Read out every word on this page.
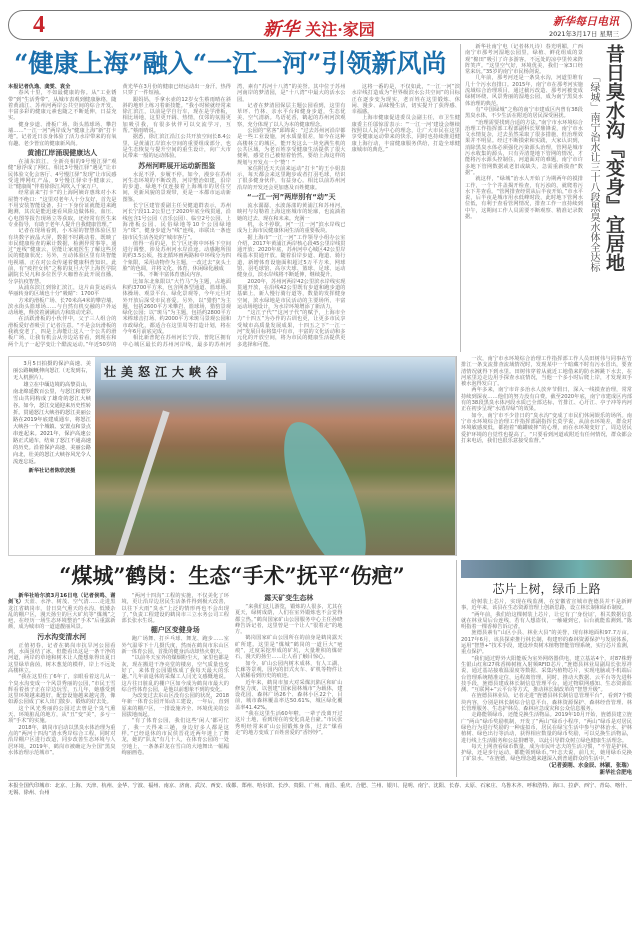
4	新华 关注·家园	新华每日电讯
2021年3月17日 星期三
“健康上海”融入“一江一河”引领新风尚

本报记者仇逸、龚雯、袁全

春风十里，不如最健康的你。从“工业锈带”到“生活秀带”，从城市表观到健康脉络，随着黄浦江、苏州河两岸公共空间的综合开发，丰富多彩的健康元素也随之不断延伸，日益充实。

健身步道、滑板广场、街头篮球场、攀岩墙……“一江一河”两岸成为“健康上海”新“打卡地”。记者近日亲身体验了活力水岸带来的有氧有趣、老少皆宜的健康新风尚。

黄浦江岸涌现健康达人

在浦东滨江，全新亮相的9号慢江驿“观健”悬浮成了网红。相比3号慢江驿“遇见”让市民体验文化会客厅、4号慢江驿“发现”让市民感受进博网红产品，9号慢江驿牵手健康云，让“健康阁”伴着徐徐江风吹入千家万户。

经常前来“打卡”的上海阿姨许惠珠对小木屋赞不绝口：“这里对老年人十分友好，首先是不用安装智能设备，扫一下身份证就能进来跑跑测，其次是能迅速看风险边做体检，血压、心电图等报告现场立等获取，还经常有医生来专业指导，有助于老年人提升自我健康管理。”

记者在现场看到，小木屋的智慧体验区里有块数字液晶大屏，数据不时跳动着，既映了市民健康检查的累计数据，检测异常事等。通过“连线”健康云，居能让家庭医生了解这些居民的健康状况；另外，互动体验区里有块智能电视墙，正在对公众传递着健康科普知识。此前，有“疫控女侠”之称的复旦大学上海医学院副院长吴凡和多位医学大咖曾在此开展直播，分享抗疫智慧。

从浦东滨江到徐汇滨江，这片由货运码头华丽转身的区域也十分“吸睛”：1700平

方米的滑板广场、长70米高4米的攀岩墙、滨水街头篮球场……与自然有机交融的户外运动场地，释放着满满活力和韵动光彩。

在活跃滑板的小伙伴中，父子三人组合的滑板爱好者吸引了记者注意。“不是会玩滑板的我就变老了，四是上海能让这人一个公共的滑板广场，让我有机会从旁边站着看，到现在和两个儿子一起学变让个酷流运动。”年近50岁的黄光华在3月份的健康已经运动出一身汗，热得只穿了一件短袖。

跟妈妈，手拿水壶的12岁女生蔡雨晴在斜斜的地形上练习着新技能。“我小时候就经常来徐汇滨江，以前是学自行车，现在是学滑板，相比场地，这里更开阔、热情，仅邻的氛围更加吸引我，有很多伙伴可以交流学习，互帮。”蔡雨晴说。

据悉，徐汇滨江沿江公共开放空间长8.4公里，是黄浦江岸滨水空间的重要组成部分，也是生态恢复与提升空间的重生设计，向广大市民带来一般的运动体验。

苏州河畔展开运动新图鉴

水泥不浮，步履不停。如今，漫步在苏州河生态环境的不断改善，河岸整治如建，沿岸的步道、绿地不仅连接着上海城市的居住空间，更新风貌的景观带，更是一本都市运动新图鉴。

长宁区建管委副主任吴健道群表示，苏州河长宁段11.2公里已于2020年底全线贯通，沿线包含1号公园（音乐公园）、临空2号公园、上海滑板公园、民俗绿地等10个公园绿地为“珠”，健身步道为“线”连线，串联出一条连接市民生活各处的“城市客厅”。

值得一看的是，长宁区还将中环桥下空间进行调整，涉及苏州河水岸沿途。动感跑所围的约3.5公顷，按北循环画两路和中环线分为四个象限，采用动物作为主题，一改过去“灰头土脸”的色调，并将文化、体育、休闲绿化融成

一体，不断丰富体育惠民内容。

比如东北象限以“大竹马”为主题，占地面积约3700平方米，包含网条型通道、篮球场、体操场、观景平台、绿化景观等，今年元旦对外开放后深受市民喜爱。另外，以“猎豹”为主题，包括2600平方米攀岩、篮球场，猎豹景观绿化公园；以“斑马”为主题，包括约2800平方米棒球击打场、约2000平方米斑马景观公园和市政绿化，都适合在这里周等打造计划，将在今年6月前底完成。

相比新普陀在苏州河长宁段，普陀区拥有中心城区最长的苏州河岸线，最多的苏州河湾，素有“苏河十八湾”的美誉。其中位于苏州河南岸的梦清园，是“十八湾”中最大的活水公园。

记者在梦清园保层主题公园看到，这里有草坪、竹林、亲水平台和健身步道，生态优美、空气清新。鸟语花香，鹤起的苏州河滨观察，充分体现了以人为本的健康理念。

公园的“常客”邱锦说：“过去苏州河沿岸都是一些工业设施，河水质量很差，如今在这种高楼林立的城区，能开发这么一块充满生机的公共区域，为老百姓享受健康生活提供了很大便利，感觉自己被惦着怡然，要给上海这样的规划与开发点一个‘赞’！”

家住附近天天前来运动“打卡”的王小姐表示，每天都会来这里跑步或者打羽毛球，结识了很多健身伙伴，有益身心。相比以前苏州河沿岸的开发还会更加惠及百姓健康。

“一江一河”两岸别有“动”天

流水潺潺，水波荡漾的黄浦江和苏州河，映衬与勾勒着上海这座城市的轮廓，也流淌着她的过去、现在和未来。充满一

机，永不停歇。河“一江一河”滨水岸线已成为上海市民健康休闲生活的重要板块。

据上海市“一江一河”工作领导小组办公室介绍，2017年黄浦江两岸核心段45公里岸线贯通开放；2020年底，苏州河中心城区42公里岸线基本贯通开放。随着沿岸步道、跑道、骑行道，新增体育设施面积超过5万平方米，网球馆、羽毛球馆、高尔夫球、篮球、足球、运动健身点，滨水岸线将不断延伸，继续提升。

2020年，苏州河两岸42公里滨水岸线实现贯通开放，在沿线42公里既有步道和跑步道的基础上，新人慢行骑行道等，数量的发挥健身空间，滨水绿地是市民活动的主要场所，丰富运动场地设计，为水岸环境增添了新活力。

“这江子代”“这河子代”的赋予，上海市全力“十四五”为办作的古训也更，让更多市民享受城市高质量发展成果，十四五之下“一江一河”发展目标将集中有市，丰富的文化活动和多元化的开放空间，将为市民的健康生活提供更多选择和可能。

这将一番的是，不仅如此，“一江一河”滨水岸线打造成为“世界级滨水公共空间”的目标正在逐步变为现实，老百姓在这里锻炼、休闲、漫步、品味慢生活，切实提升了获得感、幸福感。

上海市健康促进委员会副主任，市卫生健康委主任邬惊雷表示：“‘一江一河’建设会继续按照以人民为中心的理念，让广大市民在这里享受健康运动带来的快乐，同时也持续推进健康上海行动，丰富健康服务供给，打造全球健康城市的典范。”

新华社南宁电（记者林凡诗）春光明媚，广西南宁市那考河湿地公园里，绿植、鲜花组成的景观“棉田”吸引了许多游客。不远处的凉亭里传来阵阵笑声。“这里空气好，环境优美，我们一家3口经常来玩。”35岁的南宁市民杨剑说。

几年前，那考河还是一条臭水沟，河道里堆有几十个污水直排口。2015年，南宁市在那考河实施流域综合治理项目，通过截污改造、那考河被变成绿树环绕、风景秀丽的湿地公园，成为南宁黑臭水体治理的典范。

有“中国绿城”之称的南宁市建成区内曾有38段黑臭水体，不少生活在附近的居民深受困扰。

“治理需要找到合适的方法。”南宁市水环境综合治理工作指挥部工程部副科长覃鼎锋说，南宁市水文水情复杂，过去虽然采取了很多措施，但治理效果并不明显。经过不断摸索和实践，大家认识到，消除黑臭水体必须强化污染源头治理，管网是城市污水收集的源头，只有弄清楚地下管网的情况，才能将污水源头控制住，河道面对的难题，南宁市许多地下管网数据或老旧或缺失，急需重新摸查“数据”。

就这样，“绿城”治水人开始了为期两年的摸排工作，一个个井盖揭开检查，有污浊的，就爬着污水下井查看。“管网排查经常从后半夜开始，”市水平说，后半夜是城市用水低峰时段，此时地下管网水位低，有利于查看管网情况，排查工作一直持续到中午，这期间工作人员需要不断观察、精准记录数据。	昔日臭水沟『变身』宜居地
「绿城」南宁治水让三十八段黑臭水体全达标

3月5日拍摄的保泸高速、美丽公路蜿蜒伸向怒江（无发到右，无人机照片）。

雄立在中缅边境的高黎贡山，南北绵延数百公里，与怒江和碧罗雪山共同构成了雄奇的怒江大峡谷。如今，怒江交通迎来历史性转折。贯通怒江大峡谷的怒江美丽公路在2019年底建成通车，将怒江大峡谷一个个城镇、安置点和景点串连起来。2021年，保泸高速公路正式通车，结束了怒江不通高速的历史。沿着保泸高速、美丽公路向北，壮美的怒江大峡谷风光令人流连忘返。

新华社记者陈欣波摄
壮美怒江大峡谷

一次，南宁市水环境综合治理工作指挥部工作人员田树伟与同事在竹排江一条支流排查流域情况时，发现某中一个暗藏不时有污水冒出，要查清情况就得下到水里。田树伟穿着从就近工地借来的防水裤跳下水去，在河底里边走边用手探查水底情况，当他一个多小时后爬上岸，才发现双手被水泡得发白了。

两年多来，南宁市许多治水人放弃节假日，深入一线摸查治理，常常持续到深夜……他们的努力没有白费。截至2020年底，南宁市建成区内部有的38段黑臭水体河段水质已全部达标，竹排江、心圩江、亭子冲等内河正在初步呈现“水清岸绿”的效果。

如今，南宁市不少昔日的“臭水沟”变成了市民们休闲娱乐的场所。南宁市水环境综合治理工作指挥部副指挥长莫学说，从前水环境差，群众对环境敏感度低，都抱着“破罐破摔”的心理，而在水环境变好了，周边居民爱护环境的自觉性也提高了。“只要看到河道或附近有任何情况，群众都会打来电话，我们也很乐意接受监督。”

“煤城”鹤岗：生态“手术”抚平“伤疤”

新华社哈尔滨3月16日电（记者侯鸣、谢剑飞）天蓝、水净、树茂、空气清……走进黑龙江省鹤岗市，昔日臭气熏天的水沟，低矮杂乱的棚户区，漫天扬尘的巨大矿坑等“煤城”之疤，在经历一场生态环境整治“手术”后重露新颜，成为城市的一道道靓丽风景。

污水沟变清水河

正值初春，记者在鹤岗市抗旱河公园看到，水面虽结了冰，但能看出这是一条干净的河道，两岸的草地和树木让人能想象得出夏日这里绿草茵茵，树木葱茏的模样，岸上不远处高楼林立。

“我在这里住了6年了，亲眼看着这几从一个臭水沟变成一个风景秀丽的公园，”市民王雪辉看着孩子正在岸边玩雪，五几年，她感受到这里环境越来越好，配套设施越来越完善，像如源公园成了家人出门散步、锻炼的好去处。

这个风光秀丽的公园过去曾是个臭气熏天、环境脏乱的地方，从“丑”变“美”，多亏一项“手术”的实施。

2018年，鹤岗市启动以黑臭水体治理为重点的“两河十四沟”清水秀岸综合工程，同时对沿岸棚户区进行改造，同步改善生态环境与人居环境。2019年，鹤岗市被确定为全国“黑臭水体治理示范城市”。

“两河十四沟”工程的实施，不仅美化了环境，更让沿岸边居民生活条件得到极大改善，以往下大雨“臭水”上泛的情形再也不会出现了，”负责工程建设的鹤岗市三立水务公司工程部长张水生说。

棚户区变健身场

跑广场舞、打乒乓球、舞龙、跑步……室外气温零下十几摄氏度，然而在鹤岗市东山区新一体育公园，首批的健身活动却热火朝天。

“以前冬天室外的煤烟粉尘大，家里也都是灰，现在搬进干净亮堂的楼房，空气质量也变好了，来体育公园锻炼成了我每天最大的乐趣。”几年前退休的采煤工人闫光文感慨地说。这片往日脏乱的棚户区如今成为鹤岗市最大的综合性体育公园，是他以前想象不到的变化。

为改变过去东山区没有公园的状况，2018年新一体育公园开始动工建设，一年后，直到原来的棚户区，一排设施齐全、环境优美的公园拔地而起。

“有了体育公园，我们这些‘闲人’都可忙了，我一天得来三趟，身边好多人都是这样。”已经退休的市民侯晋花近两年迷上了舞龙，她的“队友”有几十人，在体育公园的一处空地上，一条条彩龙在雪白的大地舞出一幅幅绚丽画卷。

露天矿变生态林

“来我们这儿游览，锻炼的人很多，尤其在夏天，绿树成荫，人们在室外锻炼也不会觉得都立热。”鹤岗国家矿山公园服务中心主任孙晓峰告诉记者，这里曾是一个让人“很着走”的地方。

鹤岗国家矿山公园所在的前身是鹤岗露天矿所建。这里是“煤城”鹤岗的一道巨大“疤痕”，过度采挖形成的矿坑，大量堆积的煤矸石，漫天的扬尘……让人看了触目惊心。

如今，矿山公园内树木成林，有人工湖、长廊等景观，园内的旧式火车、矿机等物件让人依稀看到历史的痕迹。

近年来，鹤岗市加大对采煤沉陷区和矿山修复力度，以创建“国家园林城市”为载体，建设花园、森林广场26个、森林小区22个，目前，城市森林覆盖率达50.61%，城区绿化覆盖率41.42%。

“我在这里生活60年啦，一辈子没离开过这片土地，看到现在的变化真是自豪。”市民张秀明经常来矿山公园锻炼身体，过去“煤看走”的地方变成了百姓喜爱的“香饽饽”。

芯片上树，绿币上路

给树装上芯片，实现在线监测，在安徽省宣城市旌德县并不是新鲜事，近年来，该县在生态资源管理上创新思路，设立林长制和绿币制度。

“两年前，我们给这棵树装上芯片，让它有了‘身份证’，相关数据信息就在林业局后台连线，若有人想盗伐，一触碰到它，后台就能监测到。”陈明指着一棵香樟告诉记者。

旌德县素有“山区小县、林业大县”的美誉，现有林地面积97.7万亩。2017年6月，该县探索推行林长制，构建形的森林资源保护与发展体系，运用“智慧+”技术手段，建设珍贵树木植物智能管理系统，实行芯片监测，重点保护。

“我们通过野外大阳能板为室外网络器供电，建立基站4个，对87株野生银山红和27株香樟树植入射频RFID芯片，”旌德县林业局副局长张厚祥说，通过基站接收温湿度等数据、采集内植物芯片，实现电脑或手机端后台管理系统精准定位，远程离管理，同时，推动大数据、云平台等先进科技手段，旌德县建成林长制信息管理平台，通过物联网感知、生态资源监测、“互联网+”云平台等方式，推动林长制改革的“智慧升级”。

在旌德县林业局，记者走进“旌德县林长制信息管理平台”，看到7个模块内容，分别是林长制综合信息平台、森林资源保护、森林经营管理、林长管理服务、生态护林员、森林应急成灾和公众信息服务。

走路能领绿币，还能兑换生活物品。2019年10月开始，旌德县建立旌广“两山”绿币奖励机制，开发了“两山”绿币小程序，“两山”绿币是对居民绿色行为进行奖励的一种虚拟币，居民在绿宝生活中参与护林治水、护林植树、绿色出行等活动，获得相应数量的绿币奖励，可以兑换生活物品，进行线上生活服务和公益捐赠等，以此引导群众树立绿色健康生活理念。

每天上网查看绿币数量，成为市民叶志夫的生活习惯，“不管是护林、护绿，还是步行运动，都能领到绿币。”叶志夫说，前几天，她用绿币兑换了矿泉水。“在旌德，绿色理念越来越深入到普通群众的生活中。”

（记者姜刚、水金辰、林颖、张瑞）
新华社合肥电
本报全国代印城市：北京、上海、天津、杭州、金华、宁波、福州、南京、济南、武汉、西安、成都、郑州、哈尔滨、长沙、贵阳、广州、南昌、重庆、合肥、兰州、银川、昆明、南宁、沈阳、长春、太原、石家庄、乌鲁木齐、呼和浩特、海口、拉萨、西宁、青岛、喀什、无锡、徐州、台州
